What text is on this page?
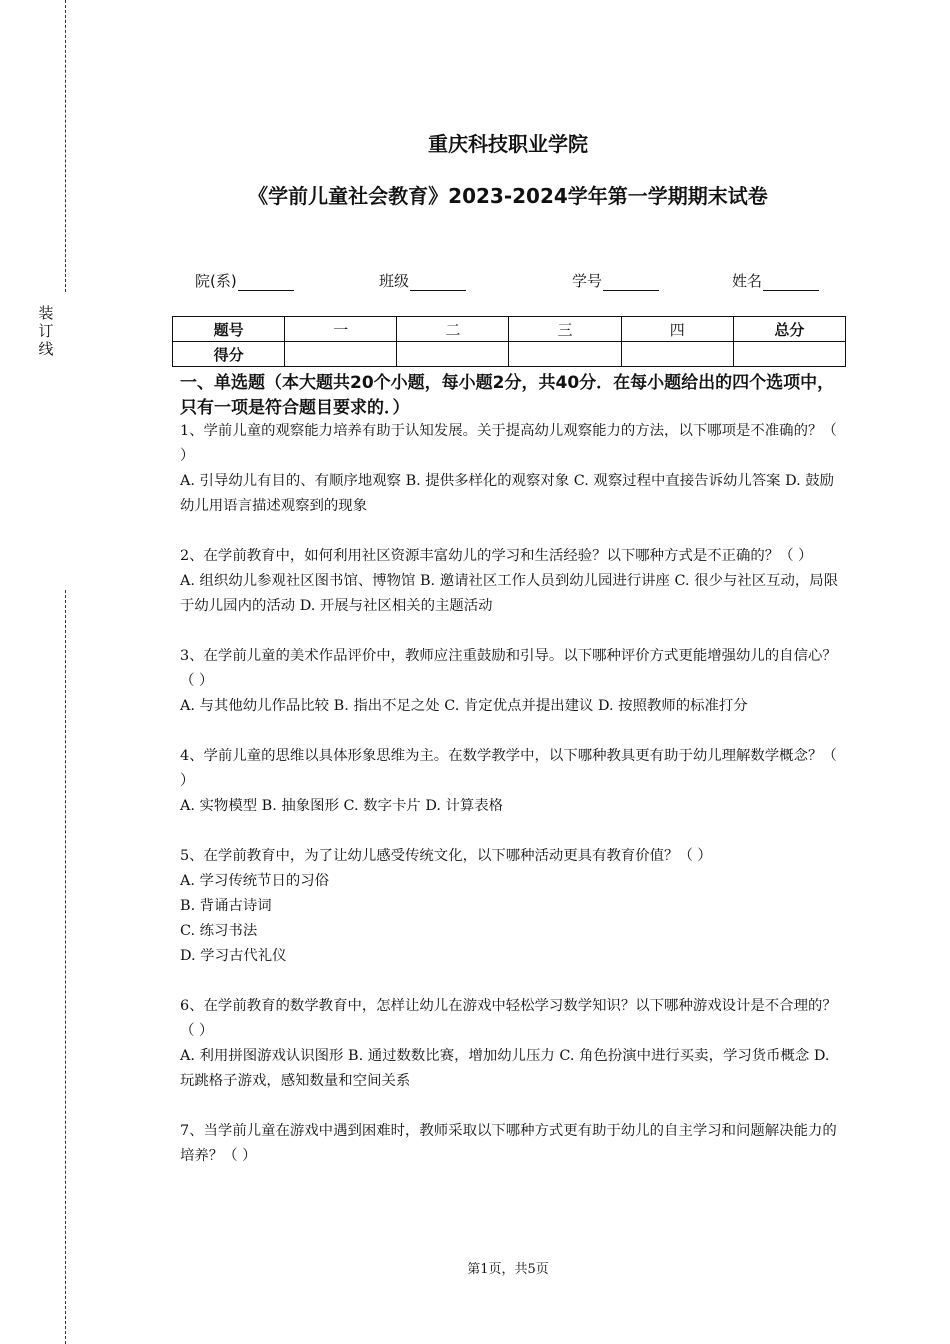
装
订
线
重庆科技职业学院
《学前儿童社会教育》2023-2024学年第一学期期末试卷
院(系)	班级	学号	姓名
题号	一	二	三	四	总分
得分					
一、单选题（本大题共20个小题，每小题2分，共40分．在每小题给出的四个选项中，只有一项是符合题目要求的．）

1、学前儿童的观察能力培养有助于认知发展。关于提高幼儿观察能力的方法，以下哪项是不准确的？（ ）

A. 引导幼儿有目的、有顺序地观察 B. 提供多样化的观察对象 C. 观察过程中直接告诉幼儿答案 D. 鼓励幼儿用语言描述观察到的现象

2、在学前教育中，如何利用社区资源丰富幼儿的学习和生活经验？以下哪种方式是不正确的？（ ）

A. 组织幼儿参观社区图书馆、博物馆 B. 邀请社区工作人员到幼儿园进行讲座 C. 很少与社区互动，局限于幼儿园内的活动 D. 开展与社区相关的主题活动

3、在学前儿童的美术作品评价中，教师应注重鼓励和引导。以下哪种评价方式更能增强幼儿的自信心？（ ）

A. 与其他幼儿作品比较 B. 指出不足之处 C. 肯定优点并提出建议 D. 按照教师的标准打分

4、学前儿童的思维以具体形象思维为主。在数学教学中，以下哪种教具更有助于幼儿理解数学概念？（ ）

A. 实物模型 B. 抽象图形 C. 数字卡片 D. 计算表格

5、在学前教育中，为了让幼儿感受传统文化，以下哪种活动更具有教育价值？（ ）

A. 学习传统节日的习俗

B. 背诵古诗词

C. 练习书法

D. 学习古代礼仪

6、在学前教育的数学教育中，怎样让幼儿在游戏中轻松学习数学知识？以下哪种游戏设计是不合理的？（ ）

A. 利用拼图游戏认识图形 B. 通过数数比赛，增加幼儿压力 C. 角色扮演中进行买卖，学习货币概念 D. 玩跳格子游戏，感知数量和空间关系

7、当学前儿童在游戏中遇到困难时，教师采取以下哪种方式更有助于幼儿的自主学习和问题解决能力的培养？（ ）

第1页，共5页
